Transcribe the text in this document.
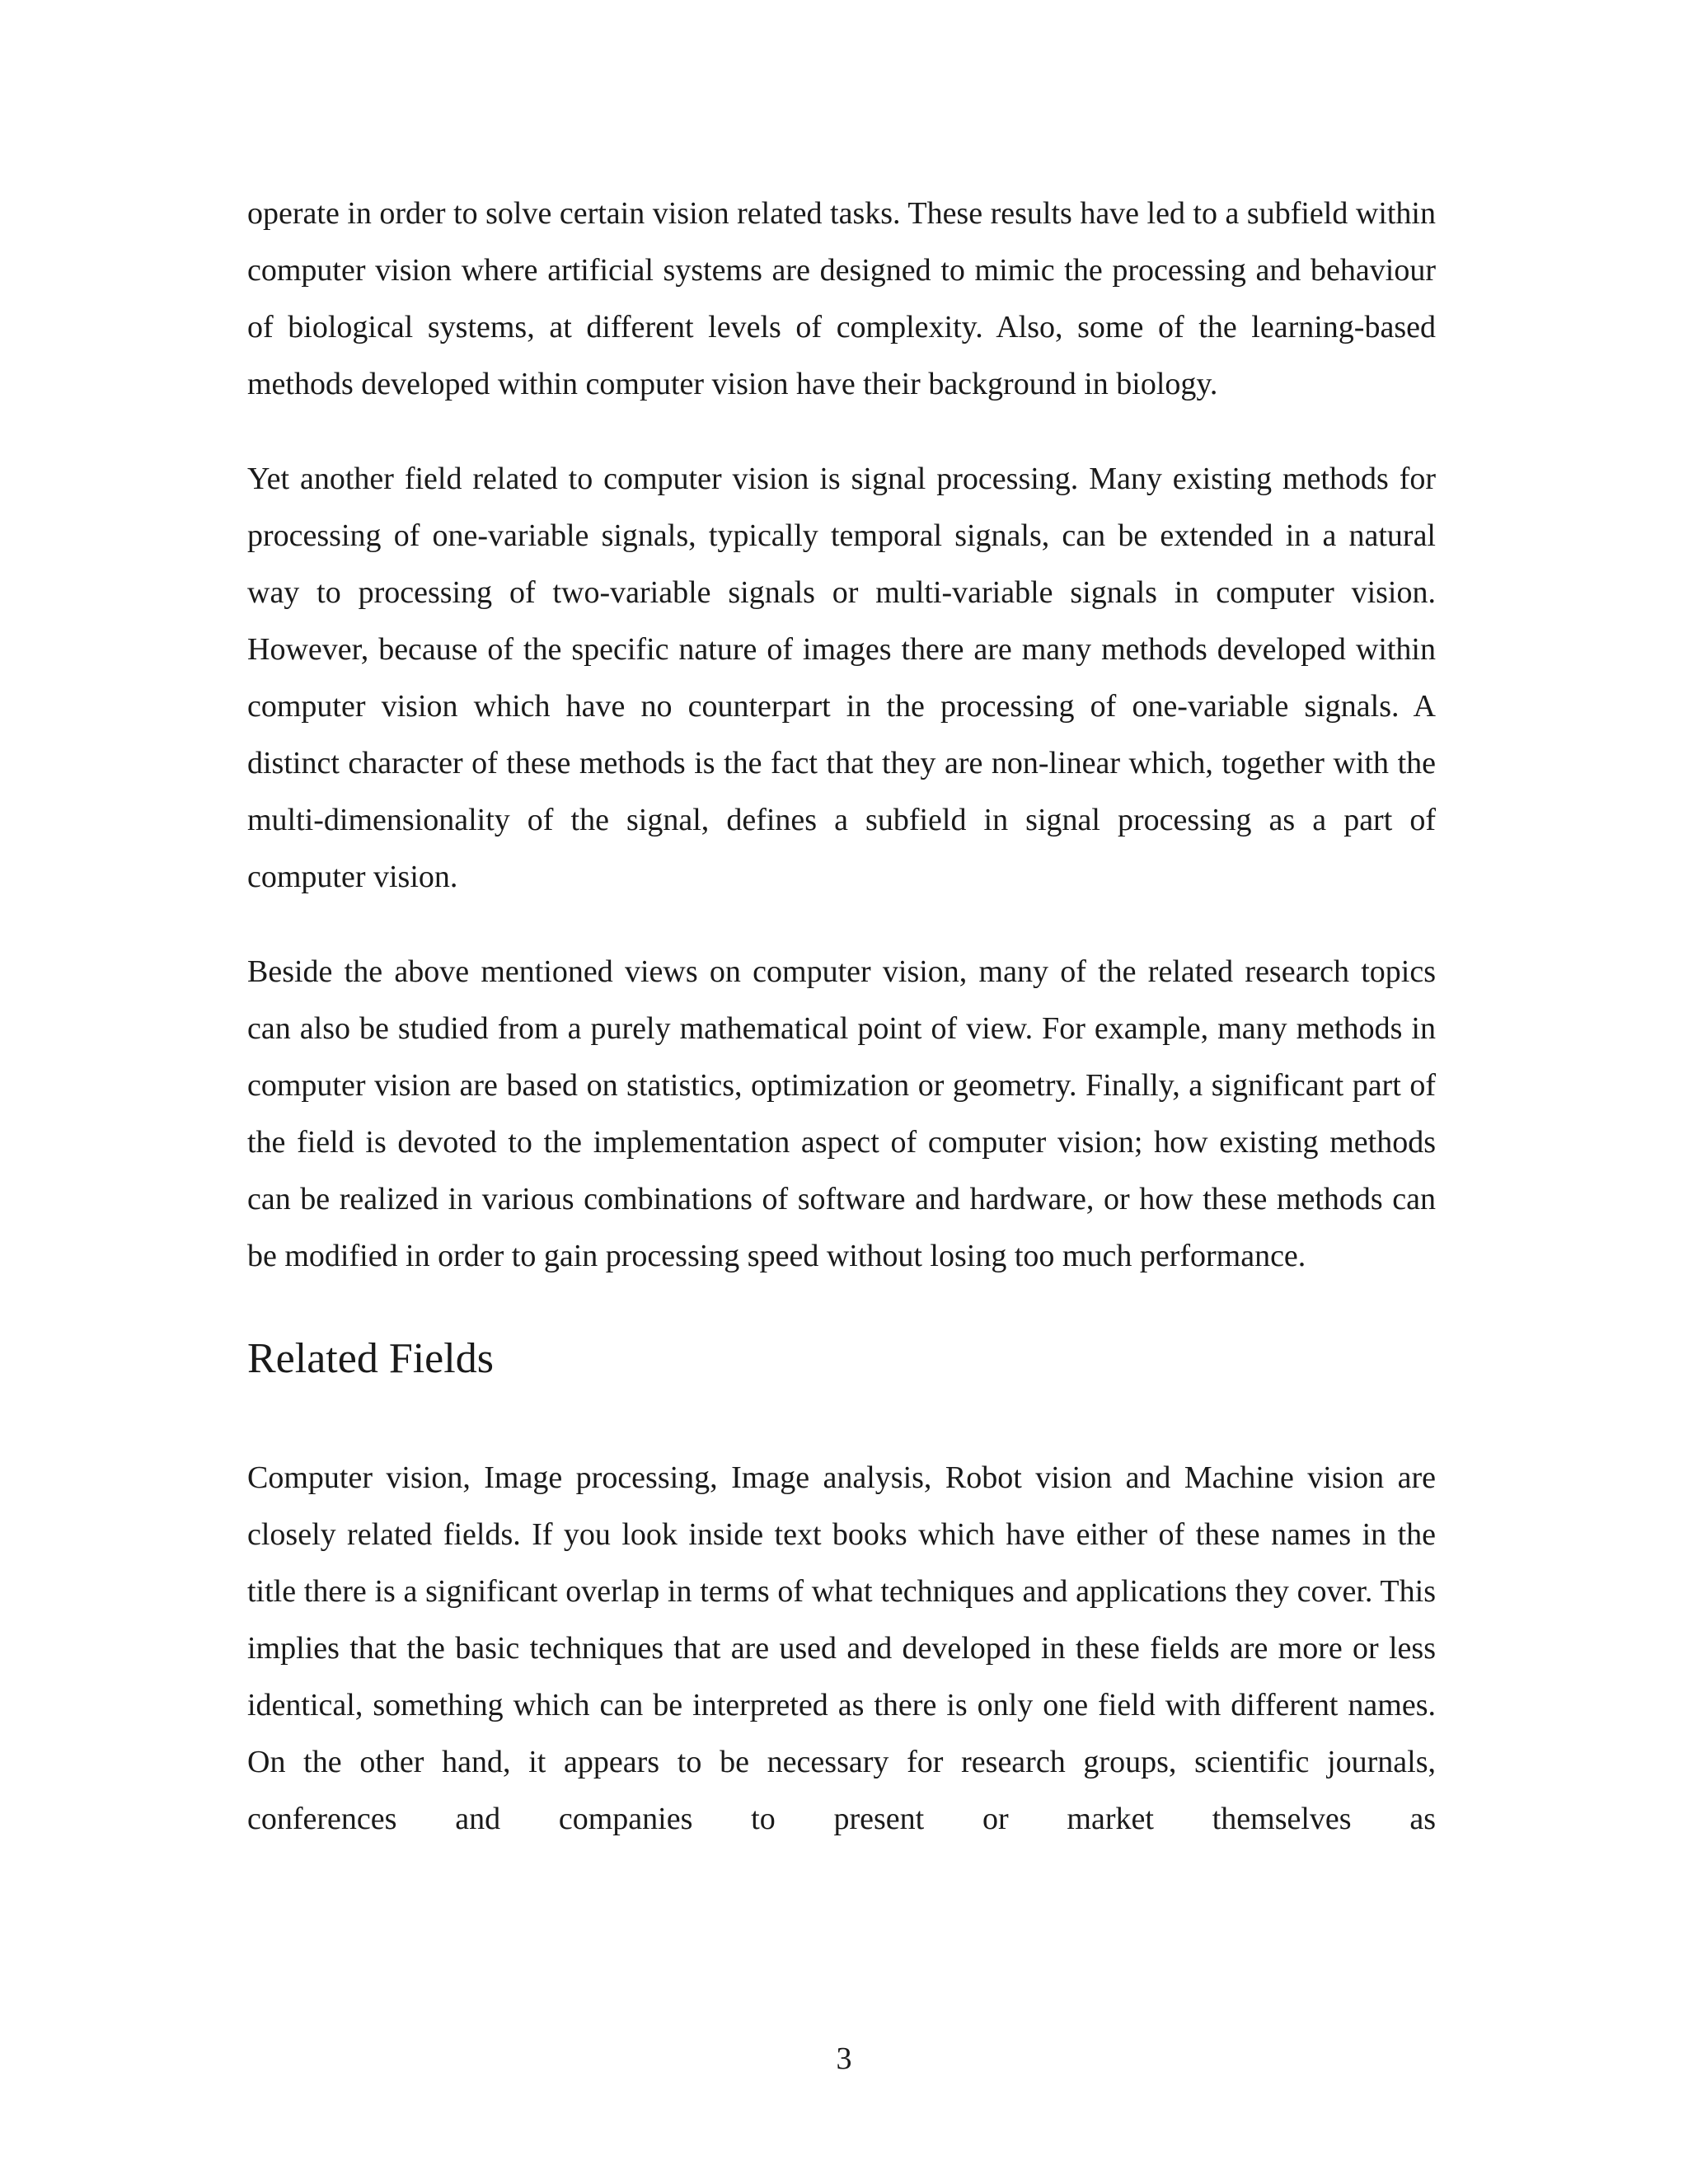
operate in order to solve certain vision related tasks. These results have led to a subfield within computer vision where artificial systems are designed to mimic the processing and behaviour of biological systems, at different levels of complexity. Also, some of the learning-based methods developed within computer vision have their background in biology.

Yet another field related to computer vision is signal processing. Many existing methods for processing of one-variable signals, typically temporal signals, can be extended in a natural way to processing of two-variable signals or multi-variable signals in computer vision. However, because of the specific nature of images there are many methods developed within computer vision which have no counterpart in the processing of one-variable signals. A distinct character of these methods is the fact that they are non-linear which, together with the multi-dimensionality of the signal, defines a subfield in signal processing as a part of computer vision.

Beside the above mentioned views on computer vision, many of the related research topics can also be studied from a purely mathematical point of view. For example, many methods in computer vision are based on statistics, optimization or geometry. Finally, a significant part of the field is devoted to the implementation aspect of computer vision; how existing methods can be realized in various combinations of software and hardware, or how these methods can be modified in order to gain processing speed without losing too much performance.

Related Fields

Computer vision, Image processing, Image analysis, Robot vision and Machine vision are closely related fields. If you look inside text books which have either of these names in the title there is a significant overlap in terms of what techniques and applications they cover. This implies that the basic techniques that are used and developed in these fields are more or less identical, something which can be interpreted as there is only one field with different names. On the other hand, it appears to be necessary for research groups, scientific journals, conferences and companies to present or market themselves as

3
